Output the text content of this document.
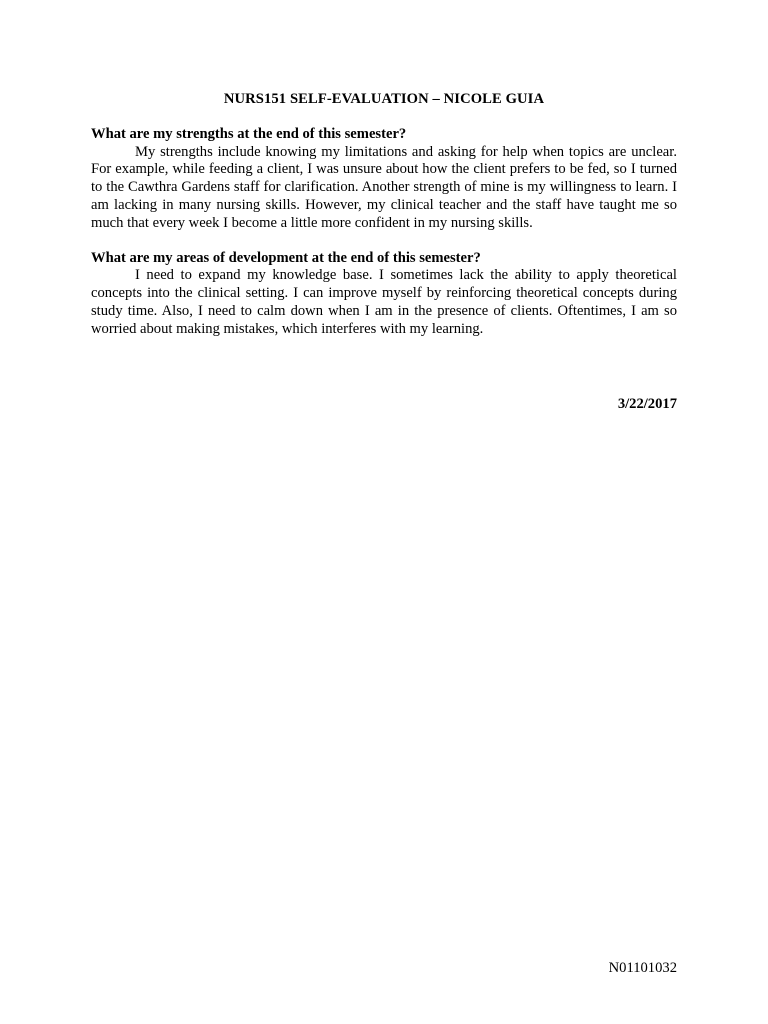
NURS151 SELF-EVALUATION – NICOLE GUIA

What are my strengths at the end of this semester?

My strengths include knowing my limitations and asking for help when topics are unclear. For example, while feeding a client, I was unsure about how the client prefers to be fed, so I turned to the Cawthra Gardens staff for clarification. Another strength of mine is my willingness to learn. I am lacking in many nursing skills. However, my clinical teacher and the staff have taught me so much that every week I become a little more confident in my nursing skills.

What are my areas of development at the end of this semester?

I need to expand my knowledge base. I sometimes lack the ability to apply theoretical concepts into the clinical setting. I can improve myself by reinforcing theoretical concepts during study time. Also, I need to calm down when I am in the presence of clients. Oftentimes, I am so worried about making mistakes, which interferes with my learning.

3/22/2017
N01101032
